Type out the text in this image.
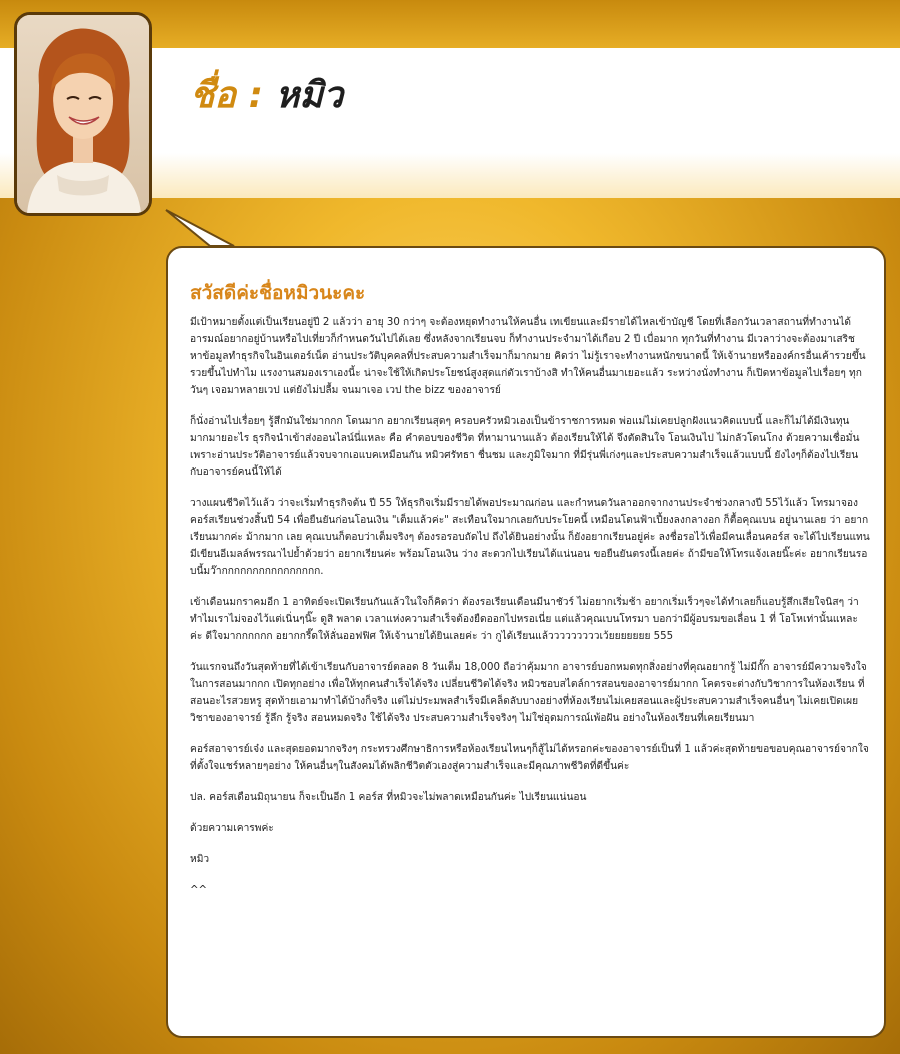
ชื่อ : หมิว
สวัสดีค่ะชื่อหมิวนะคะ

มีเป้าหมายตั้งแต่เป็นเรียนอยู่ปี 2 แล้วว่า อายุ 30 กว่าๆ จะต้องหยุดทำงานให้คนอื่น เทเขียนและมีรายได้ไหลเข้าบัญชี โดยที่เลือกวันเวลาสถานที่ทำงานได้ อารมณ์อยากอยู่บ้านหรือไปเที่ยวก็กำหนดวันไปได้เลย ซึ่งหลังจากเรียนจบ ก็ทำงานประจำมาได้เกือบ 2 ปี เบื่อมาก ทุกวันที่ทำงาน มีเวลาว่างจะต้องมาเสริช หาข้อมูลทำธุรกิจในอินเตอร์เน็ต อ่านประวัติบุคคลที่ประสบความสำเร็จมาก็มากมาย คิดว่า ไม่รู้เราจะทำงานหนักขนาดนี้ ให้เจ้านายหรือองค์กรอื่นเค้ารวยขึ้น รวยขึ้นไปทำไม แรงงานสมองเราเองนี้ะ น่าจะใช้ให้เกิดประโยชน์สูงสุดแก่ตัวเราบ้างสิ ทำให้คนอื่นมาเยอะแล้ว ระหว่างนั่งทำงาน ก็เปิดหาข้อมูลไปเรื่อยๆ ทุกวันๆ เจอมาหลายเวป แต่ยังไม่ปลื้ม จนมาเจอ เวป the bizz ของอาจารย์

ก็นั่งอ่านไปเรื่อยๆ รู้สึกมันใช่มากกก โดนมาก อยากเรียนสุดๆ ครอบครัวหมิวเองเป็นข้าราชการหมด พ่อแม่ไม่เคยปลูกฝังแนวคิดแบบนี้ และก็ไม่ได้มีเงินทุนมากมายอะไร ธุรกิจนำเข้าส่งออนไลน์นี่แหละ คือ คำตอบของชีวิต ที่หามานานแล้ว ต้องเรียนให้ได้ จึงตัดสินใจ โอนเงินไป ไม่กลัวโดนโกง ด้วยความเชื่อมั่น เพราะอ่านประวัติอาจารย์แล้วจบจากเอแบคเหมือนกัน หมิวศรัทธา ชื่นชม และภูมิใจมาก ที่มีรุ่นพี่เก่งๆและประสบความสำเร็จแล้วแบบนี้ ยังไงๆก็ต้องไปเรียนกับอาจารย์คนนี้ให้ได้

วางแผนชีวิตไว้แล้ว ว่าจะเริ่มทำธุรกิจต้น ปี 55 ให้ธุรกิจเริ่มมีรายได้พอประมาณก่อน และกำหนดวันลาออกจากงานประจำช่วงกลางปี 55ไว้แล้ว โทรมาจองคอร์สเรียนช่วงสิ้นปี 54 เพื่อยืนยันก่อนโอนเงิน "เต็มแล้วค่ะ" สะเทือนใจมากเลยกับประโยคนี้ เหมือนโดนฟ้าเปี้ยงลงกลางอก ก็ตื้อคุณเบน อยู่นานเลย ว่า อยากเรียนมากค่ะ ม้ากมาก เลย คุณเบนก็ตอบว่าเต็มจริงๆ ต้องรอรอบถัดไป ถึงได้ยินอย่างนั้น ก็ยังอยากเรียนอยู่ค่ะ ลงชื่อรอไว้เพื่อมีคนเลื่อนคอร์ส จะได้ไปเรียนแทน มีเขียนอีเมลล์พรรณาไปย้ำด้วยว่า อยากเรียนค่ะ พร้อมโอนเงิน ว่าง สะดวกไปเรียนได้แน่นอน ขอยืนยันตรงนี้เลยค่ะ ถ้ามีขอให้โทรแจ้งเลยนิ๊ะค่ะ อยากเรียนรอบนี้มว๊ากกกกกกกกกกกกกกกก.

เข้าเดือนมกราคมอีก 1 อาทิตย์จะเปิดเรียนกันแล้วในใจก็คิดว่า ต้องรอเรียนเดือนมีนาชัวร์ ไม่อยากเริ่มช้า อยากเริ่มเร็วๆจะได้ทำเลยก็แอบรู้สึกเสียใจนิสๆ ว่าทำไมเราไม่จองไว้แต่เนิ่นๆนิ๊ะ ดูสิ พลาด เวลาแห่งความสำเร็จต้องยืดออกไปหรอเนี่ย แต่แล้วคุณเบนโทรมา บอกว่ามีผู้อบรมขอเลื่อน 1 ที่ โอโหเท่านั้นแหละค่ะ ดีใจมากกกกกก อยากกรี๊ดให้ลั่นออฟฟิศ ให้เจ้านายได้ยินเลยค่ะ ว่า กูได้เรียนแล้วววววววววเว้ยยยยยยย 555

วันแรกจนถึงวันสุดท้ายที่ได้เข้าเรียนกับอาจารย์ตลอด 8 วันเต็ม 18,000 ถือว่าคุ้มมาก อาจารย์บอกหมดทุกสิ่งอย่างที่คุณอยากรู้ ไม่มีกั๊ก อาจารย์มีความจริงใจในการสอนมากกก เปิดทุกอย่าง เพื่อให้ทุกคนสำเร็จได้จริง เปลี่ยนชีวิตได้จริง หมิวชอบสไตล์การสอนของอาจารย์มากก โคตรจะต่างกับวิชาการในห้องเรียน ที่สอนอะไรสวยหรู สุดท้ายเอามาทำได้บ้างก็จริง แต่ไม่ประมพลสำเร็จมีเคล็ดลับบางอย่างที่ห้องเรียนไม่เคยสอนและผู้ประสบความสำเร็จคนอื่นๆ ไม่เคยเปิดเผย วิชาของอาจารย์ รู้ลึก รู้จริง สอนหมดจริง ใช้ได้จริง ประสบความสำเร็จจริงๆ ไม่ใช่อุดมการณ์เพ้อฝัน อย่างในห้องเรียนที่เคยเรียนมา

คอร์สอาจารย์เจ๋ง และสุดยอดมากจริงๆ กระทรวงศึกษาธิการหรือห้องเรียนไหนๆก็สู้ไม่ได้หรอกค่ะของอาจารย์เป็นที่ 1 แล้วค่ะสุดท้ายขอขอบคุณอาจารย์จากใจ ที่ตั้งใจแชร์หลายๆอย่าง ให้คนอื่นๆในสังคมได้พลิกชีวิตตัวเองสู่ความสำเร็จและมีคุณภาพชีวิตที่ดีขึ้นค่ะ

ปล. คอร์สเดือนมิถุนายน ก็จะเป็นอีก 1 คอร์ส ที่หมิวจะไม่พลาดเหมือนกันค่ะ ไปเรียนแน่นอน

ด้วยความเคารพค่ะ

หมิว

^^
